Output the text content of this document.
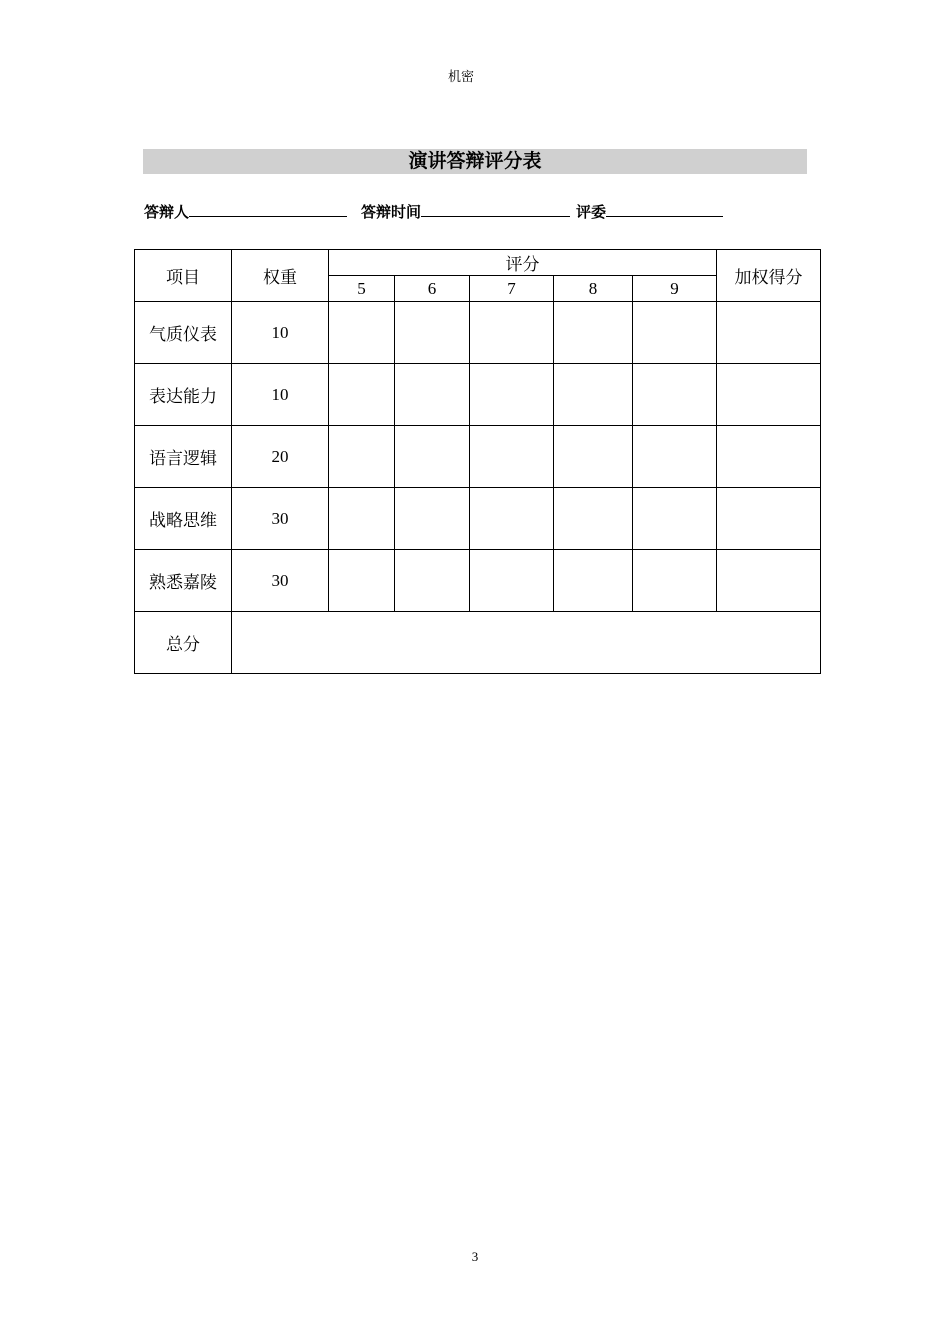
机密
演讲答辩评分表
答辩人	答辩时间	评委
项目	权重	评分					加权得分
		5	6	7	8	9	
气质仪表	10						
表达能力	10						
语言逻辑	20						
战略思维	30						
熟悉嘉陵	30						
总分							
3
